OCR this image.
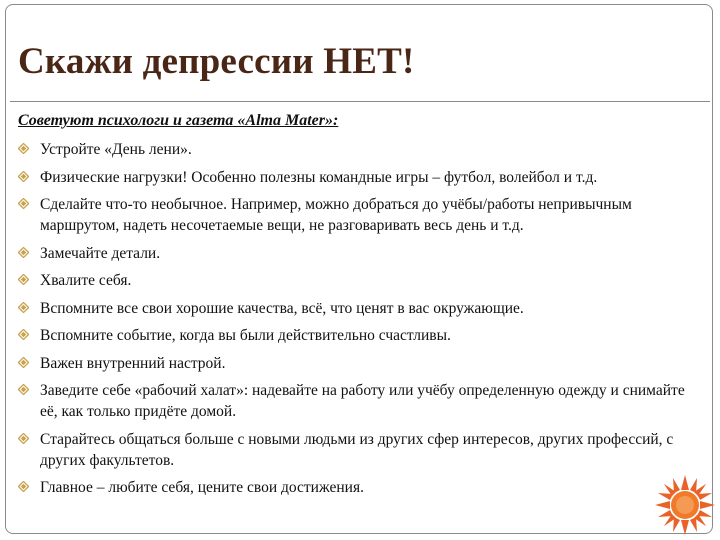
Скажи депрессии НЕТ!
Советуют психологи и газета «Alma Mater»:
Устройте «День лени».
Физические нагрузки! Особенно полезны командные игры – футбол, волейбол и т.д.
Сделайте что-то необычное. Например, можно добраться до учёбы/работы непривычным маршрутом, надеть несочетаемые вещи, не разговаривать весь день и т.д.
Замечайте детали.
Хвалите себя.
Вспомните все свои хорошие качества, всё, что ценят в вас окружающие.
Вспомните событие, когда вы были действительно счастливы.
Важен внутренний настрой.
Заведите себе «рабочий халат»: надевайте на работу или учёбу определенную одежду и снимайте её, как только придёте домой.
Старайтесь общаться больше с новыми людьми из других сфер интересов, других профессий, с других факультетов.
Главное – любите себя, цените свои достижения.
